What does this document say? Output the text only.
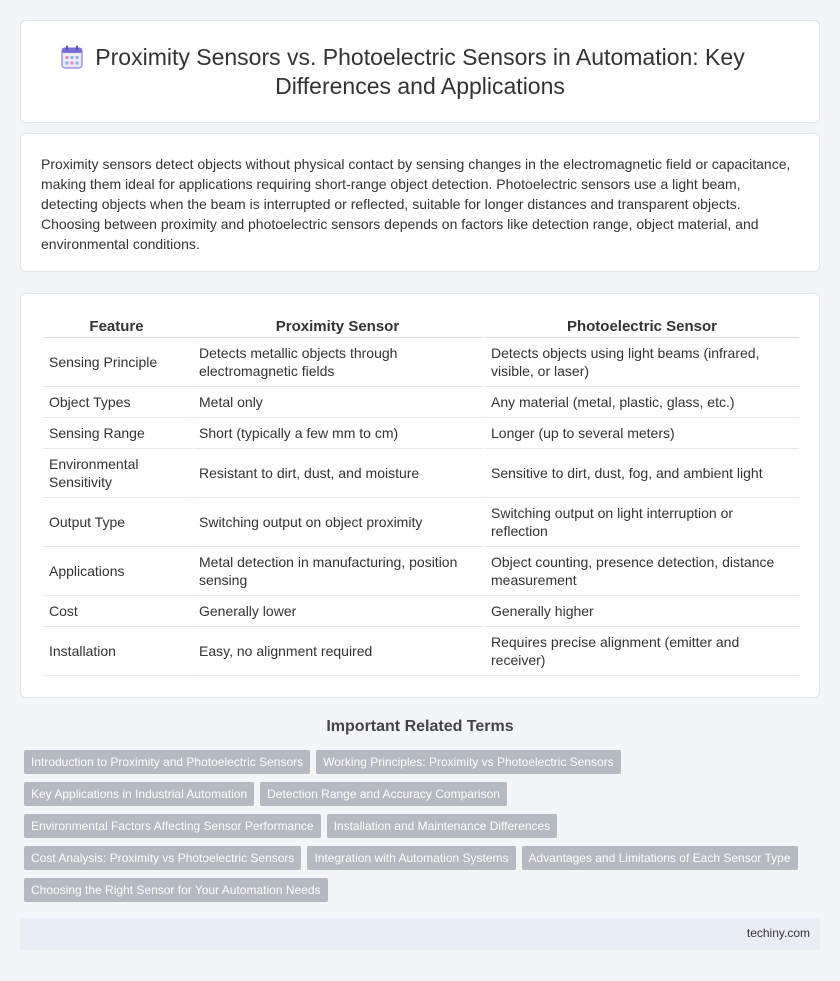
Proximity Sensors vs. Photoelectric Sensors in Automation: Key Differences and Applications

Proximity sensors detect objects without physical contact by sensing changes in the electromagnetic field or capacitance, making them ideal for applications requiring short-range object detection. Photoelectric sensors use a light beam, detecting objects when the beam is interrupted or reflected, suitable for longer distances and transparent objects. Choosing between proximity and photoelectric sensors depends on factors like detection range, object material, and environmental conditions.

Feature	Proximity Sensor	Photoelectric Sensor
Sensing Principle	Detects metallic objects through electromagnetic fields	Detects objects using light beams (infrared, visible, or laser)
Object Types	Metal only	Any material (metal, plastic, glass, etc.)
Sensing Range	Short (typically a few mm to cm)	Longer (up to several meters)
Environmental Sensitivity	Resistant to dirt, dust, and moisture	Sensitive to dirt, dust, fog, and ambient light
Output Type	Switching output on object proximity	Switching output on light interruption or reflection
Applications	Metal detection in manufacturing, position sensing	Object counting, presence detection, distance measurement
Cost	Generally lower	Generally higher
Installation	Easy, no alignment required	Requires precise alignment (emitter and receiver)
Important Related Terms
Introduction to Proximity and Photoelectric Sensors Working Principles: Proximity vs Photoelectric Sensors
Key Applications in Industrial Automation Detection Range and Accuracy Comparison
Environmental Factors Affecting Sensor Performance Installation and Maintenance Differences
Cost Analysis: Proximity vs Photoelectric Sensors Integration with Automation Systems Advantages and Limitations of Each Sensor Type
Choosing the Right Sensor for Your Automation Needs
techiny.com
